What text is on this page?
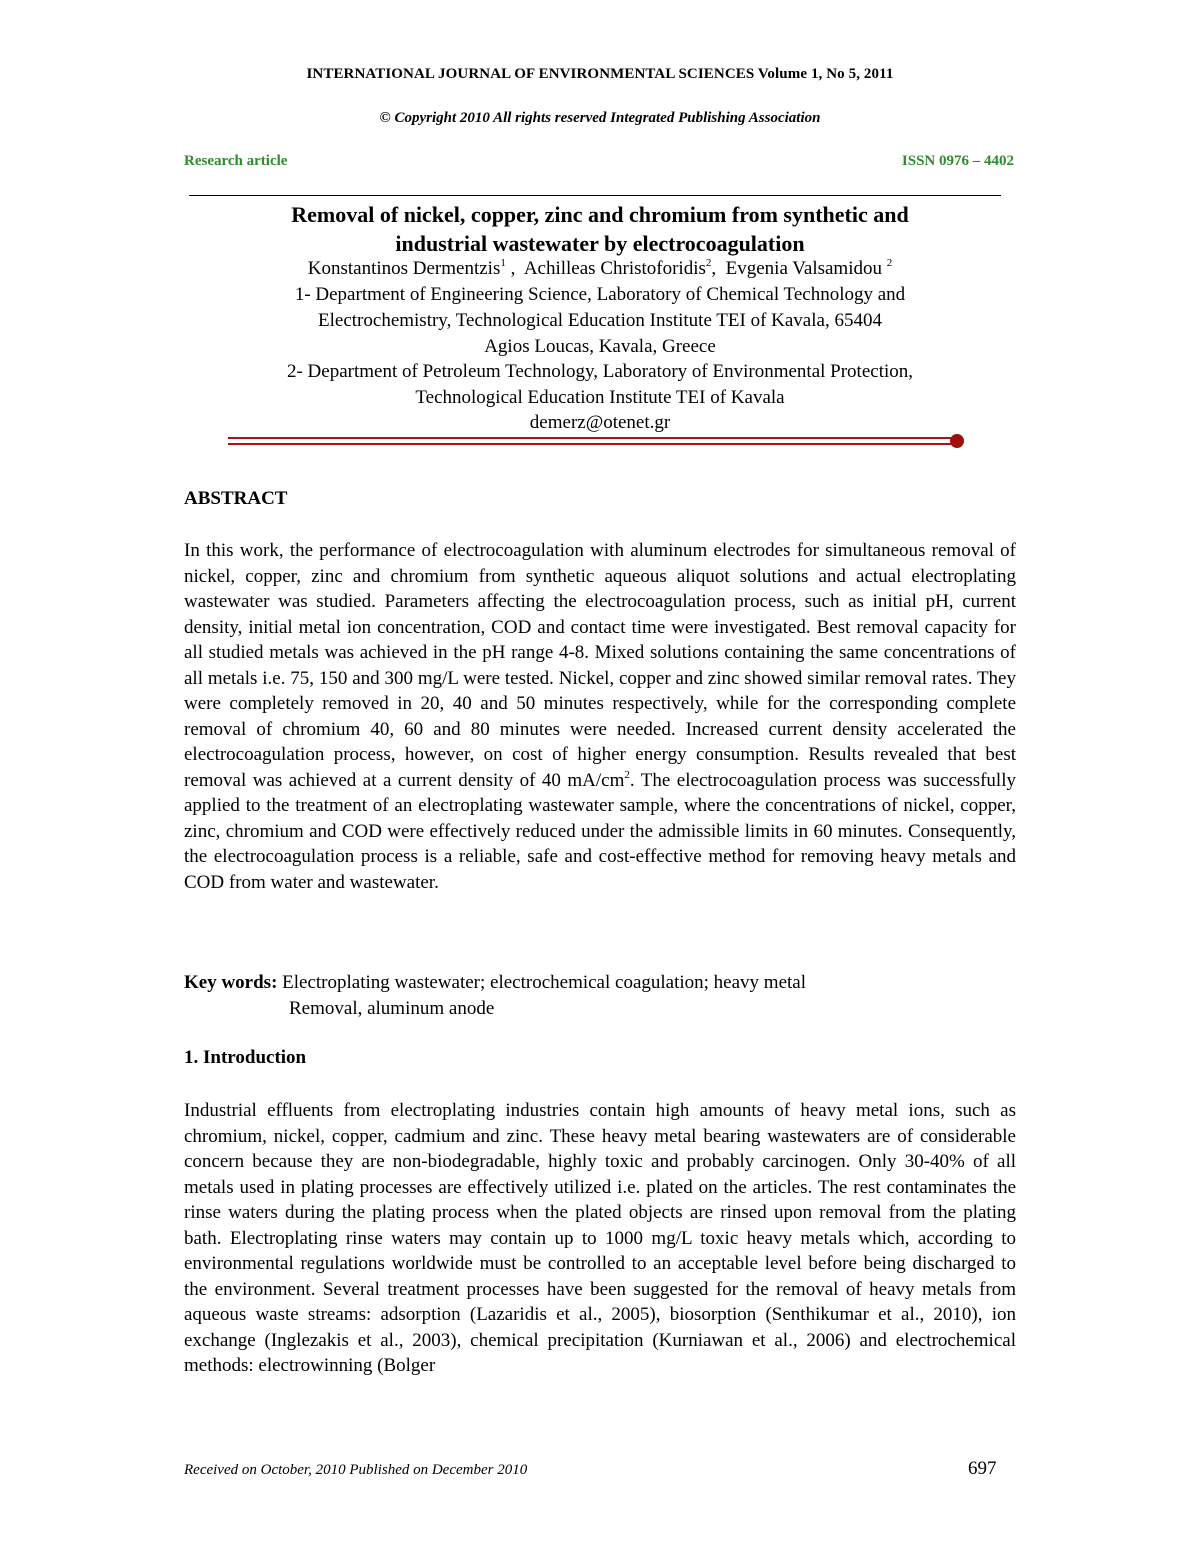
INTERNATIONAL JOURNAL OF ENVIRONMENTAL SCIENCES Volume 1, No 5, 2011
© Copyright 2010 All rights reserved Integrated Publishing Association
Research article	ISSN 0976 – 4402
Removal of nickel, copper, zinc and chromium from synthetic and
industrial wastewater by electrocoagulation
Konstantinos Dermentzis$^1$ ,  Achilleas Christoforidis$^2$,  Evgenia Valsamidou $^2$
1- Department of Engineering Science, Laboratory of Chemical Technology and
Electrochemistry, Technological Education Institute TEI of Kavala, 65404
Agios Loucas, Kavala, Greece
2- Department of Petroleum Technology, Laboratory of Environmental Protection,
Technological Education Institute TEI of Kavala
demerz@otenet.gr
ABSTRACT
In this work, the performance of electrocoagulation with aluminum electrodes for simultaneous removal of nickel, copper, zinc and chromium from synthetic aqueous aliquot solutions and actual electroplating wastewater was studied. Parameters affecting the electrocoagulation process, such as initial pH, current density, initial metal ion concentration, COD and contact time were investigated. Best removal capacity for all studied metals was achieved in the pH range 4-8. Mixed solutions containing the same concentrations of all metals i.e. 75, 150 and 300 mg/L were tested. Nickel, copper and zinc showed similar removal rates. They were completely removed in 20, 40 and 50 minutes respectively, while for the corresponding complete removal of chromium 40, 60 and 80 minutes were needed. Increased current density accelerated the electrocoagulation process, however, on cost of higher energy consumption. Results revealed that best removal was achieved at a current density of 40 $mA/cm^2$. The electrocoagulation process was successfully applied to the treatment of an electroplating wastewater sample, where the concentrations of nickel, copper, zinc, chromium and COD were effectively reduced under the admissible limits in 60 minutes. Consequently, the electrocoagulation process is a reliable, safe and cost-effective method for removing heavy metals and COD from water and wastewater.
Key words: Electroplating wastewater; electrochemical coagulation; heavy metal
Removal, aluminum anode
1. Introduction
Industrial effluents from electroplating industries contain high amounts of heavy metal ions, such as chromium, nickel, copper, cadmium and zinc. These heavy metal bearing wastewaters are of considerable concern because they are non-biodegradable, highly toxic and probably carcinogen. Only 30-40% of all metals used in plating processes are effectively utilized i.e. plated on the articles. The rest contaminates the rinse waters during the plating process when the plated objects are rinsed upon removal from the plating bath. Electroplating rinse waters may contain up to 1000 mg/L toxic heavy metals which, according to environmental regulations worldwide must be controlled to an acceptable level before being discharged to the environment. Several treatment processes have been suggested for the removal of heavy metals from aqueous waste streams: adsorption (Lazaridis et al., 2005), biosorption (Senthikumar et al., 2010), ion exchange (Inglezakis et al., 2003), chemical precipitation (Kurniawan et al., 2006) and electrochemical methods: electrowinning (Bolger
Received on October, 2010 Published on December 2010	697
